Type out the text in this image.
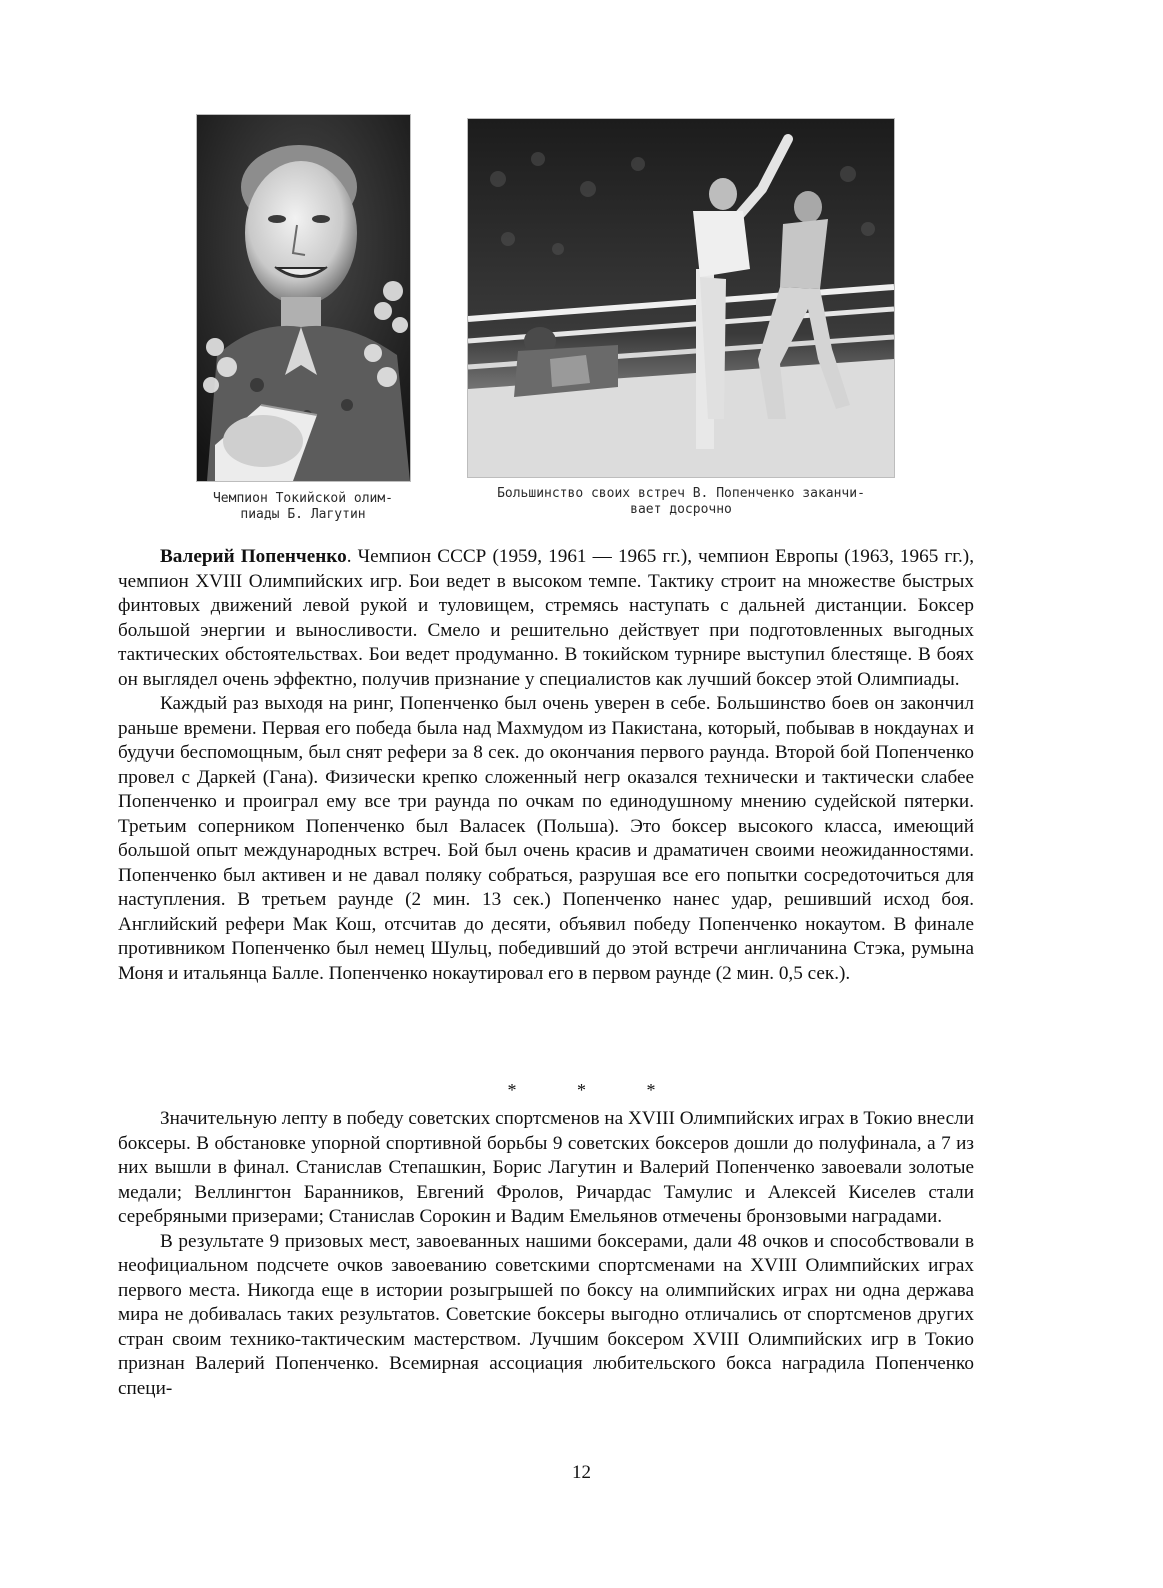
Чемпион Токийской олим-
пиады Б. Лагутин
Большинство своих встреч В. Попенченко заканчи-
вает досрочно

Валерий Попенченко. Чемпион СССР (1959, 1961 — 1965 гг.), чемпион Европы (1963, 1965 гг.), чемпион XVIII Олимпийских игр. Бои ведет в высоком темпе. Тактику строит на множестве быстрых финтовых движений левой рукой и туловищем, стремясь наступать с дальней дистанции. Боксер большой энергии и выносливости. Смело и решительно действует при подготовленных выгодных тактических обстоятельствах. Бои ведет продуманно. В токийском турнире выступил блестяще. В боях он выглядел очень эффектно, получив признание у специалистов как лучший боксер этой Олимпиады.

Каждый раз выходя на ринг, Попенченко был очень уверен в себе. Большинство боев он закончил раньше времени. Первая его победа была над Махмудом из Пакистана, который, побывав в нокдаунах и будучи беспомощным, был снят рефери за 8 сек. до окончания первого раунда. Второй бой Попенченко провел с Даркей (Гана). Физически крепко сложенный негр оказался технически и тактически слабее Попенченко и проиграл ему все три раунда по очкам по единодушному мнению судейской пятерки. Третьим соперником Попенченко был Валасек (Польша). Это боксер высокого класса, имеющий большой опыт международных встреч. Бой был очень красив и драматичен своими неожиданностями. Попенченко был активен и не давал поляку собраться, разрушая все его попытки сосредоточиться для наступления. В третьем раунде (2 мин. 13 сек.) Попенченко нанес удар, решивший исход боя. Английский рефери Мак Кош, отсчитав до десяти, объявил победу Попенченко нокаутом. В финале противником Попенченко был немец Шульц, победивший до этой встречи англичанина Стэка, румына Моня и итальянца Балле. Попенченко нокаутировал его в первом раунде (2 мин. 0,5 сек.).

* * *

Значительную лепту в победу советских спортсменов на XVIII Олимпийских играх в Токио внесли боксеры. В обстановке упорной спортивной борьбы 9 советских боксеров дошли до полуфинала, а 7 из них вышли в финал. Станислав Степашкин, Борис Лагутин и Валерий Попенченко завоевали золотые медали; Веллингтон Баранников, Евгений Фролов, Ричардас Тамулис и Алексей Киселев стали серебряными призерами; Станислав Сорокин и Вадим Емельянов отмечены бронзовыми наградами.

В результате 9 призовых мест, завоеванных нашими боксерами, дали 48 очков и способствовали в неофициальном подсчете очков завоеванию советскими спортсменами на XVIII Олимпийских играх первого места. Никогда еще в истории розыгрышей по боксу на олимпийских играх ни одна держава мира не добивалась таких результатов. Советские боксеры выгодно отличались от спортсменов других стран своим технико-тактическим мастерством. Лучшим боксером XVIII Олимпийских игр в Токио признан Валерий Попенченко. Всемирная ассоциация любительского бокса наградила Попенченко специ-

12
